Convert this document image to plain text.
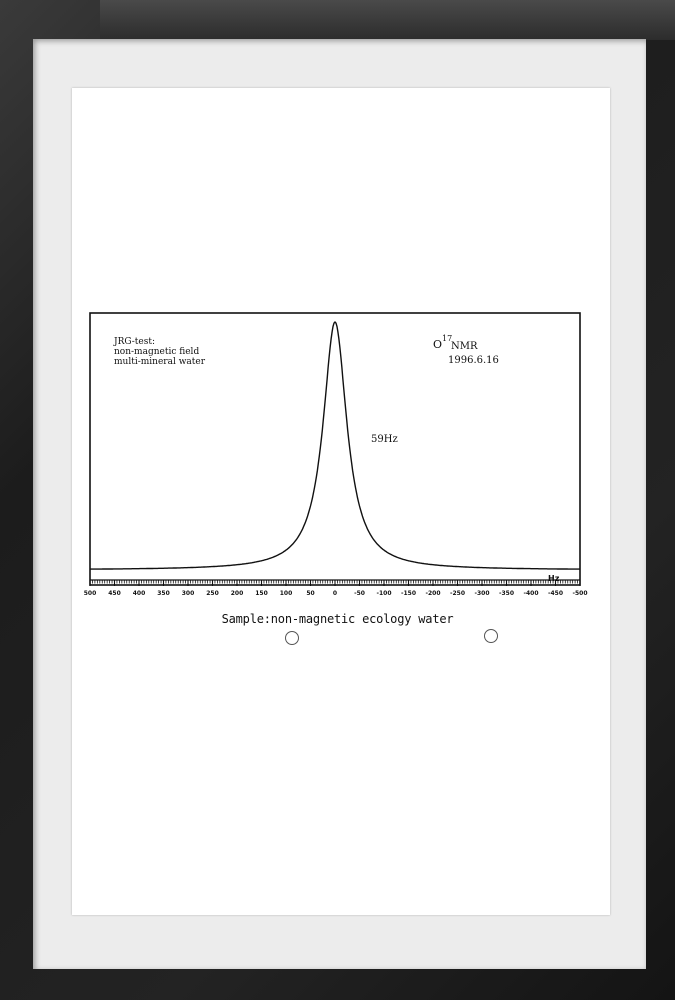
500 450 400 350 300 250 200 150 100 50	0	-50 -100 -150 -200 -250 -300 -350 -400 -450 -500
JRG-test:
non-magnetic field
multi-mineral water
O 17
NMR
1996.6.16
59Hz
Hz
Sample:non-magnetic ecology water
